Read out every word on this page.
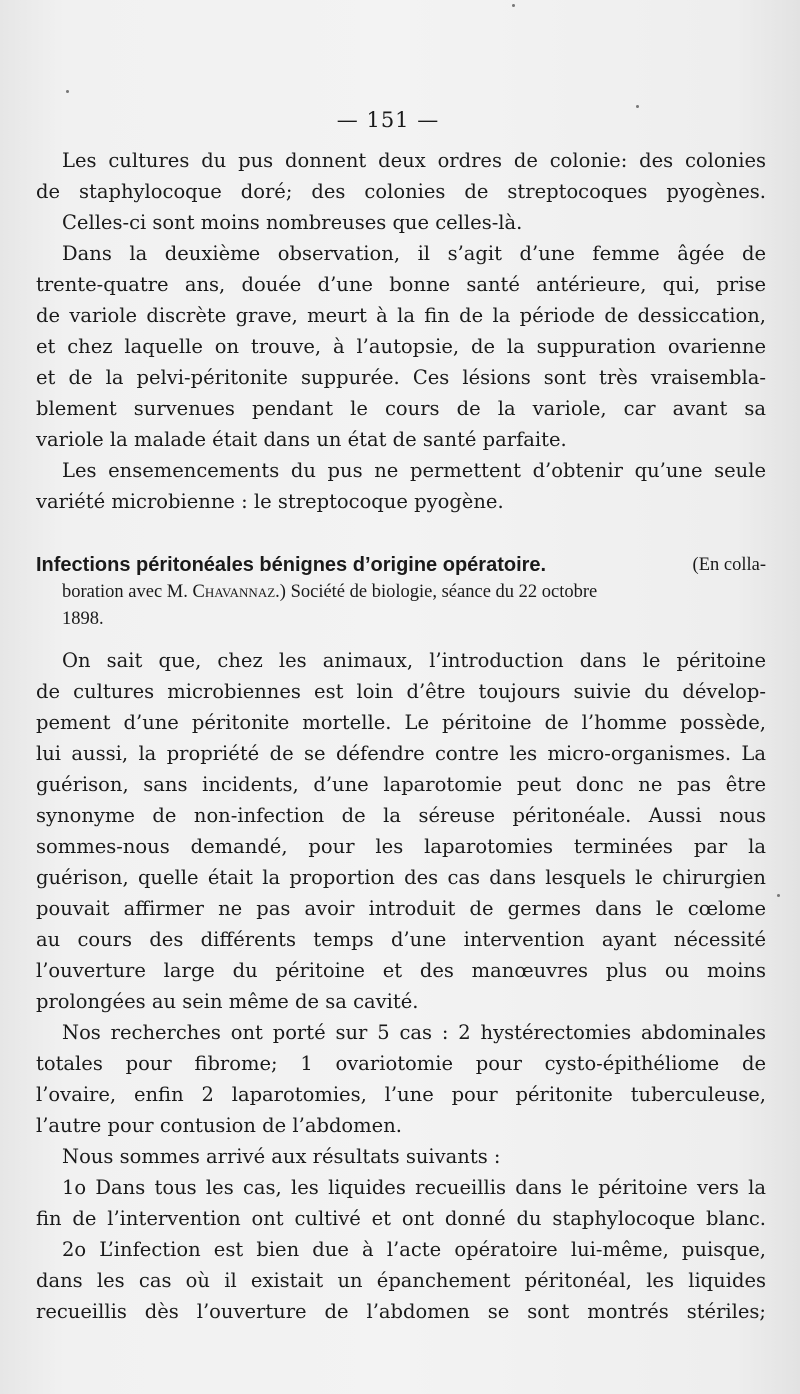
— 151 —

Les cultures du pus donnent deux ordres de colonie: des colonies
de staphylocoque doré; des colonies de streptocoques pyogènes.
Celles-ci sont moins nombreuses que celles-là.

Dans la deuxième observation, il s’agit d’une femme âgée de
trente-quatre ans, douée d’une bonne santé antérieure, qui, prise
de variole discrète grave, meurt à la fin de la période de dessiccation,
et chez laquelle on trouve, à l’autopsie, de la suppuration ovarienne
et de la pelvi-péritonite suppurée. Ces lésions sont très vraisembla-
blement survenues pendant le cours de la variole, car avant sa
variole la malade était dans un état de santé parfaite.

Les ensemencements du pus ne permettent d’obtenir qu’une seule
variété microbienne : le streptocoque pyogène.

Infections péritonéales bénignes d’origine opératoire.	(En colla-
boration avec M. Chavannaz.) Société de biologie, séance du 22 octobre
1898.

On sait que, chez les animaux, l’introduction dans le péritoine
de cultures microbiennes est loin d’être toujours suivie du dévelop-
pement d’une péritonite mortelle. Le péritoine de l’homme possède,
lui aussi, la propriété de se défendre contre les micro-organismes. La
guérison, sans incidents, d’une laparotomie peut donc ne pas être
synonyme de non-infection de la séreuse péritonéale. Aussi nous
sommes-nous demandé, pour les laparotomies terminées par la
guérison, quelle était la proportion des cas dans lesquels le chirurgien
pouvait affirmer ne pas avoir introduit de germes dans le cœlome
au cours des différents temps d’une intervention ayant nécessité
l’ouverture large du péritoine et des manœuvres plus ou moins
prolongées au sein même de sa cavité.

Nos recherches ont porté sur 5 cas : 2 hystérectomies abdominales
totales pour fibrome; 1 ovariotomie pour cysto-épithéliome de
l’ovaire, enfin 2 laparotomies, l’une pour péritonite tuberculeuse,
l’autre pour contusion de l’abdomen.

Nous sommes arrivé aux résultats suivants :

1o Dans tous les cas, les liquides recueillis dans le péritoine vers la
fin de l’intervention ont cultivé et ont donné du staphylocoque blanc.

2o L’infection est bien due à l’acte opératoire lui-même, puisque,
dans les cas où il existait un épanchement péritonéal, les liquides
recueillis dès l’ouverture de l’abdomen se sont montrés stériles;
